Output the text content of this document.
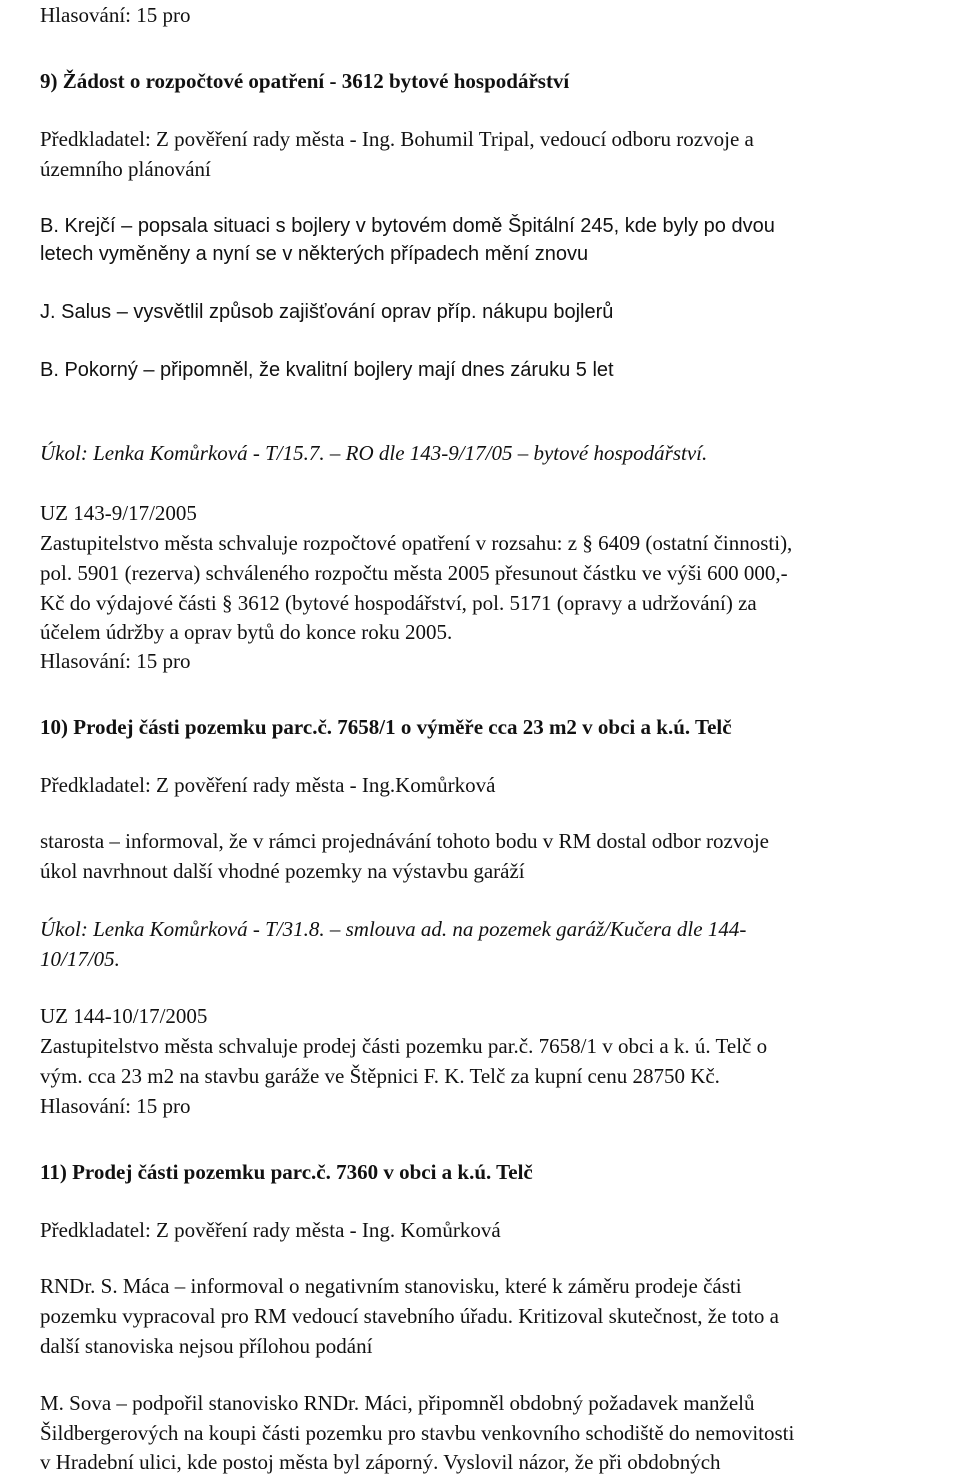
Hlasování: 15 pro
9) Žádost o rozpočtové opatření - 3612 bytové hospodářství
Předkladatel: Z pověření rady města - Ing. Bohumil Tripal, vedoucí odboru rozvoje a
územního plánování
B. Krejčí – popsala situaci s bojlery v bytovém domě Špitální 245, kde byly po dvou
letech vyměněny a nyní se v některých případech mění znovu
J. Salus – vysvětlil způsob zajišťování oprav příp. nákupu bojlerů
B. Pokorný – připomněl, že kvalitní bojlery mají dnes záruku 5 let
Úkol: Lenka Komůrková - T/15.7. – RO dle 143-9/17/05 – bytové hospodářství.
UZ 143-9/17/2005
Zastupitelstvo města schvaluje rozpočtové opatření v rozsahu: z § 6409 (ostatní činnosti),
pol. 5901 (rezerva) schváleného rozpočtu města 2005 přesunout částku ve výši 600 000,-
Kč do výdajové části § 3612 (bytové hospodářství, pol. 5171 (opravy a udržování) za
účelem údržby a oprav bytů do konce roku 2005.
Hlasování: 15 pro
10) Prodej části pozemku parc.č. 7658/1 o výměře cca 23 m2 v obci a k.ú. Telč
Předkladatel: Z pověření rady města - Ing.Komůrková
starosta – informoval, že v rámci projednávání tohoto bodu v RM dostal odbor rozvoje
úkol navrhnout další vhodné pozemky na výstavbu garáží
Úkol: Lenka Komůrková - T/31.8. – smlouva ad. na pozemek garáž/Kučera dle 144-
10/17/05.
UZ 144-10/17/2005
Zastupitelstvo města schvaluje prodej části pozemku par.č. 7658/1 v obci a k. ú. Telč o
vým. cca 23 m2 na stavbu garáže ve Štěpnici F. K. Telč za kupní cenu 28750 Kč.
Hlasování: 15 pro
11) Prodej části pozemku parc.č. 7360 v obci a k.ú. Telč
Předkladatel: Z pověření rady města - Ing. Komůrková
RNDr. S. Máca – informoval o negativním stanovisku, které k záměru prodeje části
pozemku vypracoval pro RM vedoucí stavebního úřadu. Kritizoval skutečnost, že toto a
další stanoviska nejsou přílohou podání
M. Sova – podpořil stanovisko RNDr. Máci, připomněl obdobný požadavek manželů
Šildbergerových na koupi části pozemku pro stavbu venkovního schodiště do nemovitosti
v Hradební ulici, kde postoj města byl záporný. Vyslovil názor, že při obdobných
